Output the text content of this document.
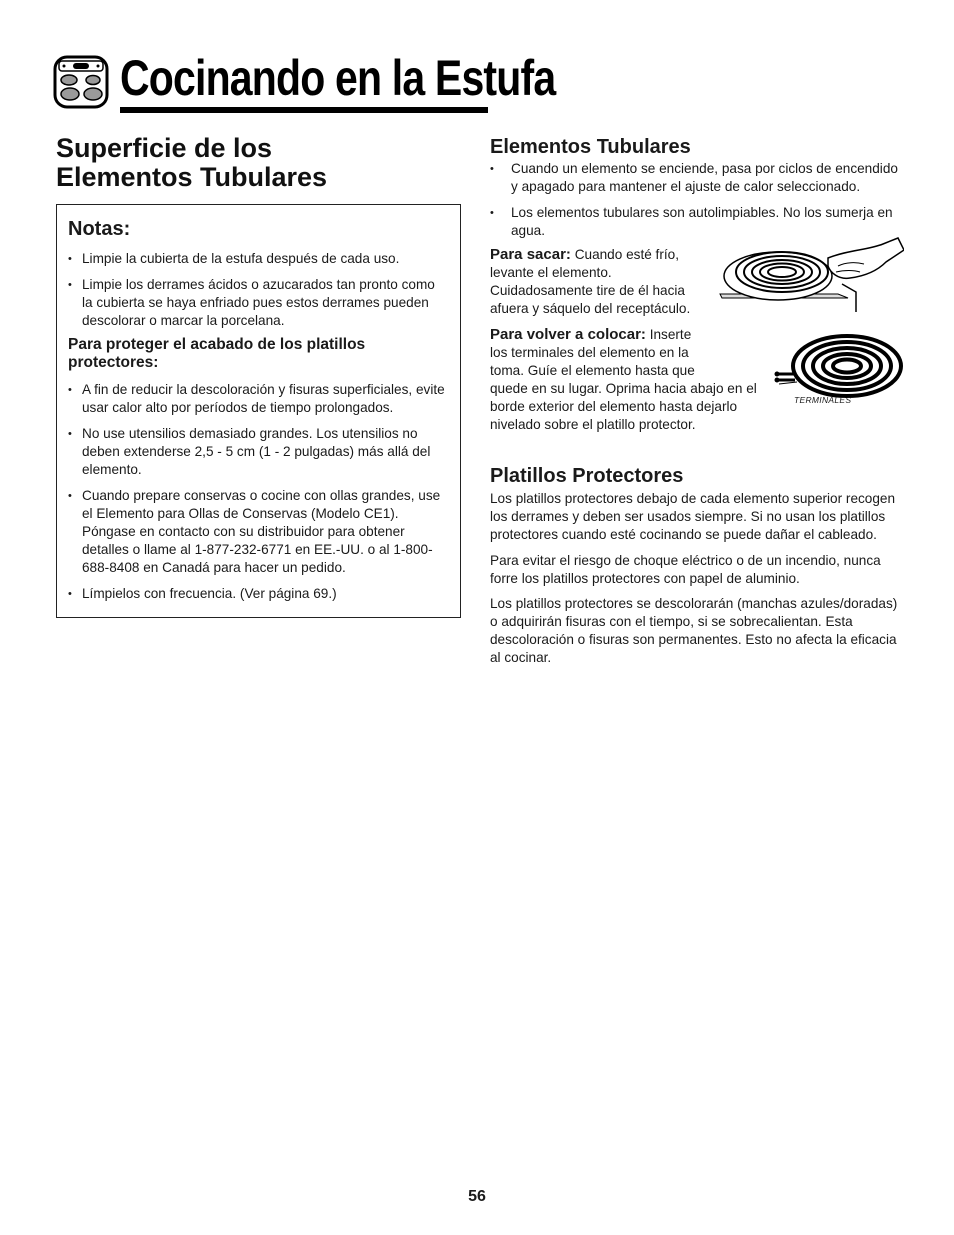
Cocinando en la Estufa
Superficie de los
Elementos Tubulares
Notas:
• Limpie la cubierta de la estufa después de cada uso.
• Limpie los derrames ácidos o azucarados tan pronto como la cubierta se haya enfriado pues estos derrames pueden descolorar o marcar la porcelana.
Para proteger el acabado de los platillos protectores:
• A fin de reducir la descoloración y fisuras superficiales, evite usar calor alto por períodos de tiempo prolongados.
• No use utensilios demasiado grandes. Los utensilios no deben extenderse 2,5 - 5 cm (1 - 2 pulgadas) más allá del elemento.
• Cuando prepare conservas o cocine con ollas grandes, use el Elemento para Ollas de Conservas (Modelo CE1). Póngase en contacto con su distribuidor para obtener detalles o llame al 1-877-232-6771 en EE.-UU. o al 1-800-688-8408 en Canadá para hacer un pedido.
• Límpielos con frecuencia. (Ver página 69.)
Elementos Tubulares
• Cuando un elemento se enciende, pasa por ciclos de encendido y apagado para mantener el ajuste de calor seleccionado.
• Los elementos tubulares son autolimpiables. No los sumerja en agua.
Para sacar: Cuando esté frío,
levante el elemento.
Cuidadosamente tire de él hacia
afuera y sáquelo del receptáculo.
Para volver a colocar: Inserte
los terminales del elemento en la
toma. Guíe el elemento hasta que
quede en su lugar. Oprima hacia abajo en el
borde exterior del elemento hasta dejarlo
nivelado sobre el platillo protector.
TERMINALES
Platillos Protectores
Los platillos protectores debajo de cada elemento superior recogen los derrames y deben ser usados siempre. Si no usan los platillos protectores cuando esté cocinando se puede dañar el cableado.
Para evitar el riesgo de choque eléctrico o de un incendio, nunca forre los platillos protectores con papel de aluminio.
Los platillos protectores se descolorarán (manchas azules/doradas) o adquirirán fisuras con el tiempo, si se sobrecalientan. Esta descoloración o fisuras son permanentes. Esto no afecta la eficacia al cocinar.
56
